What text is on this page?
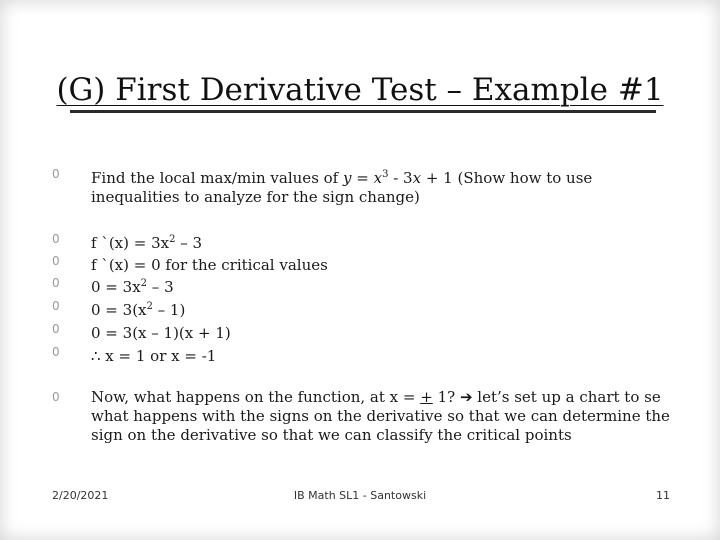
(G) First Derivative Test – Example #1
0	Find the local max/min values of $y = x^3 - 3x + 1$ (Show how to use inequalities to analyze for the sign change)
0	f `(x) = $3x^2 - 3$
0	f `(x) = 0 for the critical values
0	$0 = 3x^2 - 3$
0	$0 = 3(x^2 - 1)$
0	0 = 3(x – 1)(x + 1)
0	∴ x = 1 or x = -1
0	Now, what happens on the function, at x = + 1? ➔ let’s set up a chart to se what happens with the signs on the derivative so that we can determine the sign on the derivative so that we can classify the critical points
2/20/2021	IB Math SL1 - Santowski	11
